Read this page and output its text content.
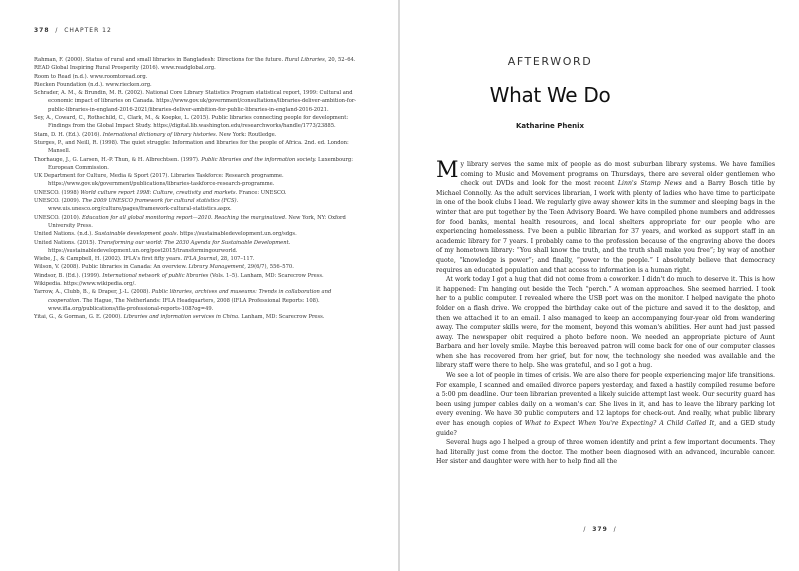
378 / CHAPTER 12

Rahman, F. (2000). Status of rural and small libraries in Bangladesh: Directions for the future. Rural Libraries, 20, 52–64.

READ Global Inspiring Rural Prosperity (2016). www.readglobal.org.

Room to Read (n.d.). www.roomtoread.org.

Riecken Foundation (n.d.). www.riecken.org.

Schrader, A. M., & Brundin, M. R. (2002). National Core Library Statistics Program statistical report, 1999: Cultural and economic impact of libraries on Canada. https://www.gov.uk/government/consultations/libraries-deliver-ambition-for-public-libraries-in-england-2016-2021/libraries-deliver-ambition-for-public-libraries-in-england-2016-2021.

Sey, A., Coward, C., Rothschild, C., Clark, M., & Koepke, L. (2015). Public libraries connecting people for development: Findings from the Global Impact Study. https://digital.lib.washington.edu/researchworks/handle/1773/23885.

Stam, D. H. (Ed.). (2016). International dictionary of library histories. New York: Routledge.

Sturges, P., and Neill, R. (1998). The quiet struggle: Information and libraries for the people of Africa. 2nd. ed. London: Mansell.

Thorhauge, J., G. Larsen, H.-P. Thun, & H. Albrechtsen. (1997). Public libraries and the information society. Luxembourg: European Commission.

UK Department for Culture, Media & Sport (2017). Libraries Taskforce: Research programme. https://www.gov.uk/government/publications/libraries-taskforce-research-programme.

UNESCO. (1998) World culture report 1998: Culture, creativity and markets. France: UNESCO.

UNESCO. (2009). The 2009 UNESCO framework for cultural statistics (FCS). www.uis.unesco.org/culture/pages/framework-cultural-statistics.aspx.

UNESCO. (2010). Education for all global monitoring report—2010. Reaching the marginalized. New York, NY: Oxford University Press.

United Nations. (n.d.). Sustainable development goals. https://sustainabledevelopment.un.org/sdgs.

United Nations. (2015). Transforming our world: The 2030 Agenda for Sustainable Development. https://sustainabledevelopment.un.org/post2015/transformingourworld.

Wiebe, J., & Campbell, H. (2002). IFLA's first fifty years. IFLA Journal, 28, 107–117.

Wilson, V. (2008). Public libraries in Canada: An overview. Library Management, 29(6/7), 556–570.

Windsor, B. (Ed.). (1999). International network of public libraries (Vols. 1–5). Lanham, MD: Scarecrow Press.

Wikipedia. https://www.wikipedia.org/.

Yarrow, A., Clubb, B., & Draper, J.-L. (2008). Public libraries, archives and museums: Trends in collaboration and cooperation. The Hague, The Netherlands: IFLA Headquarters, 2008 (IFLA Professional Reports: 108). www.ifla.org/publications/ifla-professional-reports-108?og=49.

Yitai, G., & Gorman, G. E. (2000). Libraries and information services in China. Lanham, MD: Scarecrow Press.

AFTERWORD
What We Do
Katharine Phenix

My library serves the same mix of people as do most suburban library systems. We have families coming to Music and Movement programs on Thursdays, there are several older gentlemen who check out DVDs and look for the most recent Linn's Stamp News and a Barry Bosch title by Michael Connolly. As the adult services librarian, I work with plenty of ladies who have time to participate in one of the book clubs I lead. We regularly give away shower kits in the summer and sleeping bags in the winter that are put together by the Teen Advisory Board. We have compiled phone numbers and addresses for food banks, mental health resources, and local shelters appropriate for our people who are experiencing homelessness. I've been a public librarian for 37 years, and worked as support staff in an academic library for 7 years. I probably came to the profession because of the engraving above the doors of my hometown library: “You shall know the truth, and the truth shall make you free”; by way of another quote, “knowledge is power”; and finally, “power to the people.” I absolutely believe that democracy requires an educated population and that access to information is a human right.

At work today I got a hug that did not come from a coworker. I didn't do much to deserve it. This is how it happened: I'm hanging out beside the Tech “perch.” A woman approaches. She seemed harried. I took her to a public computer. I revealed where the USB port was on the monitor. I helped navigate the photo folder on a flash drive. We cropped the birthday cake out of the picture and saved it to the desktop, and then we attached it to an email. I also managed to keep an accompanying four-year old from wandering away. The computer skills were, for the moment, beyond this woman's abilities. Her aunt had just passed away. The newspaper obit required a photo before noon. We needed an appropriate picture of Aunt Barbara and her lovely smile. Maybe this bereaved patron will come back for one of our computer classes when she has recovered from her grief, but for now, the technology she needed was available and the library staff were there to help. She was grateful, and so I got a hug.

We see a lot of people in times of crisis. We are also there for people experiencing major life transitions. For example, I scanned and emailed divorce papers yesterday, and faxed a hastily compiled resume before a 5:00 pm deadline. Our teen librarian prevented a likely suicide attempt last week. Our security guard has been using jumper cables daily on a woman's car. She lives in it, and has to leave the library parking lot every evening. We have 30 public computers and 12 laptops for check-out. And really, what public library ever has enough copies of What to Expect When You're Expecting? A Child Called It, and a GED study guide?

Several hugs ago I helped a group of three women identify and print a few important documents. They had literally just come from the doctor. The mother been diagnosed with an advanced, incurable cancer. Her sister and daughter were with her to help find all the

/ 379 /
